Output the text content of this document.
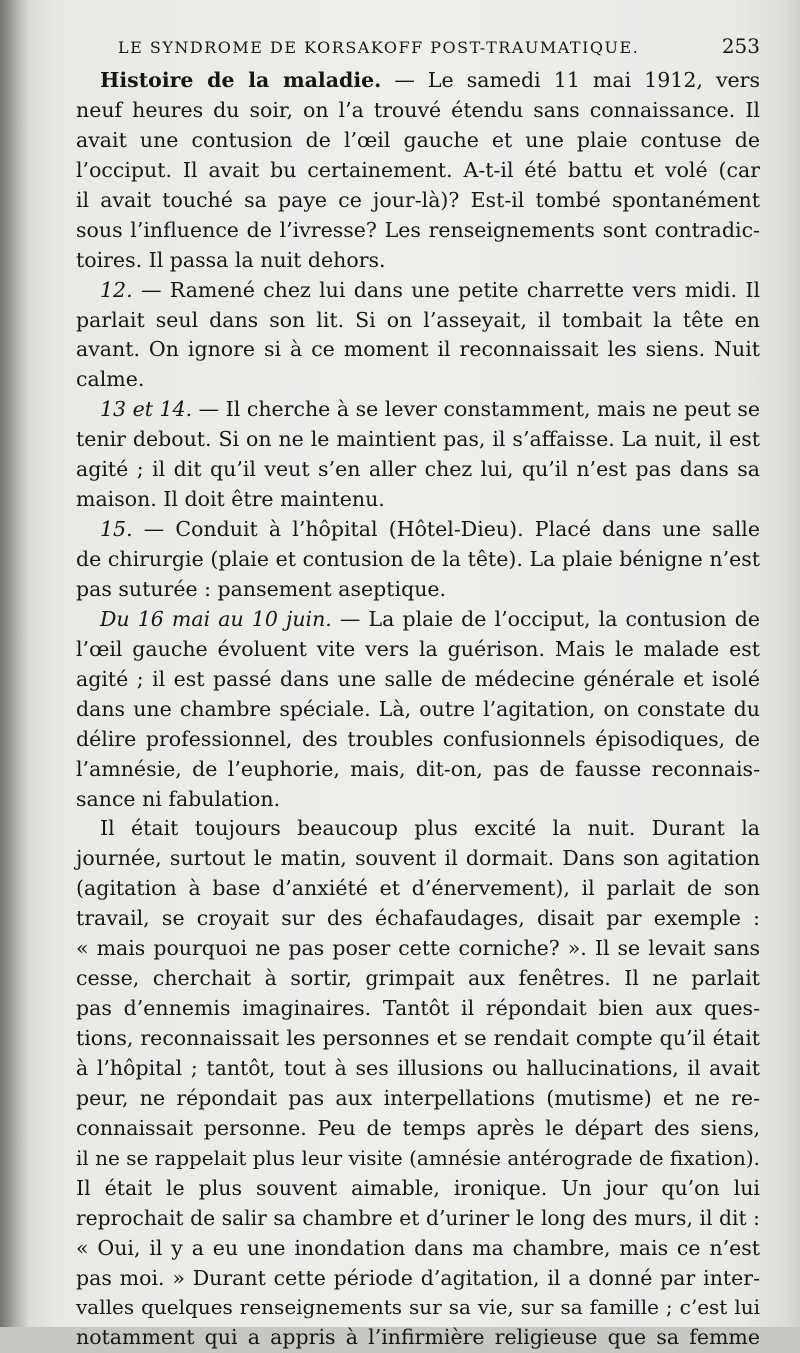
LE SYNDROME DE KORSAKOFF POST-TRAUMATIQUE.	253
Histoire de la maladie. — Le samedi 11 mai 1912, vers
neuf heures du soir, on l’a trouvé étendu sans connaissance. Il
avait une contusion de l’œil gauche et une plaie contuse de
l’occiput. Il avait bu certainement. A-t-il été battu et volé (car
il avait touché sa paye ce jour-là)? Est-il tombé spontanément
sous l’influence de l’ivresse? Les renseignements sont contradic-
toires. Il passa la nuit dehors.
12. — Ramené chez lui dans une petite charrette vers midi. Il
parlait seul dans son lit. Si on l’asseyait, il tombait la tête en
avant. On ignore si à ce moment il reconnaissait les siens. Nuit
calme.
13 et 14. — Il cherche à se lever constamment, mais ne peut se
tenir debout. Si on ne le maintient pas, il s’affaisse. La nuit, il est
agité ; il dit qu’il veut s’en aller chez lui, qu’il n’est pas dans sa
maison. Il doit être maintenu.
15. — Conduit à l’hôpital (Hôtel-Dieu). Placé dans une salle
de chirurgie (plaie et contusion de la tête). La plaie bénigne n’est
pas suturée : pansement aseptique.
Du 16 mai au 10 juin. — La plaie de l’occiput, la contusion de
l’œil gauche évoluent vite vers la guérison. Mais le malade est
agité ; il est passé dans une salle de médecine générale et isolé
dans une chambre spéciale. Là, outre l’agitation, on constate du
délire professionnel, des troubles confusionnels épisodiques, de
l’amnésie, de l’euphorie, mais, dit-on, pas de fausse reconnais-
sance ni fabulation.
Il était toujours beaucoup plus excité la nuit. Durant la
journée, surtout le matin, souvent il dormait. Dans son agitation
(agitation à base d’anxiété et d’énervement), il parlait de son
travail, se croyait sur des échafaudages, disait par exemple :
« mais pourquoi ne pas poser cette corniche? ». Il se levait sans
cesse, cherchait à sortir, grimpait aux fenêtres. Il ne parlait
pas d’ennemis imaginaires. Tantôt il répondait bien aux ques-
tions, reconnaissait les personnes et se rendait compte qu’il était
à l’hôpital ; tantôt, tout à ses illusions ou hallucinations, il avait
peur, ne répondait pas aux interpellations (mutisme) et ne re-
connaissait personne. Peu de temps après le départ des siens,
il ne se rappelait plus leur visite (amnésie antérograde de fixation).
Il était le plus souvent aimable, ironique. Un jour qu’on lui
reprochait de salir sa chambre et d’uriner le long des murs, il dit :
« Oui, il y a eu une inondation dans ma chambre, mais ce n’est
pas moi. » Durant cette période d’agitation, il a donné par inter-
valles quelques renseignements sur sa vie, sur sa famille ; c’est lui
notamment qui a appris à l’infirmière religieuse que sa femme
